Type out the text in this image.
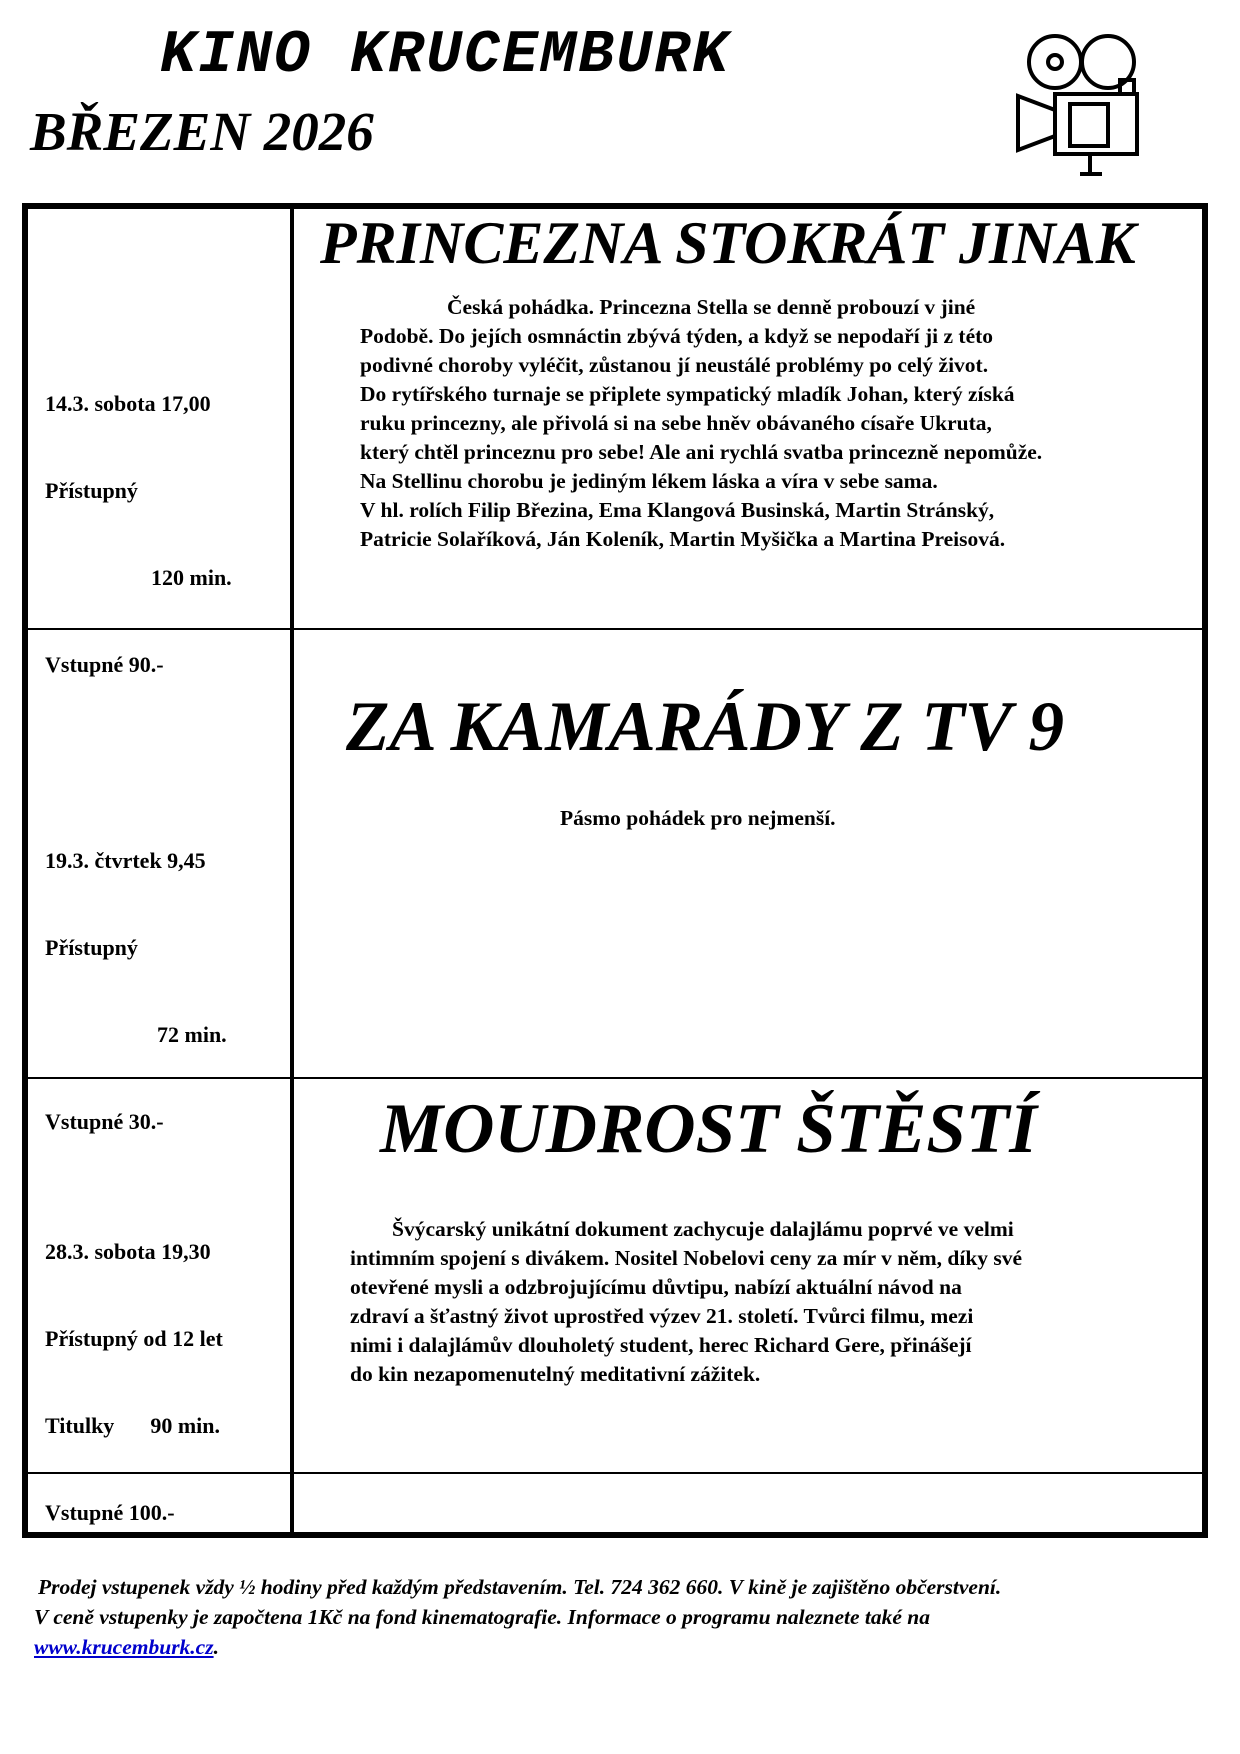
KINO KRUCEMBURK
BŘEZEN 2026

14.3. sobota 17,00

Přístupný

120 min.

Vstupné 90.-

PRINCEZNA STOKRÁT JINAK
Česká pohádka. Princezna Stella se denně probouzí v jiné
Podobě. Do jejích osmnáctin zbývá týden, a když se nepodaří ji z této
podivné choroby vyléčit, zůstanou jí neustálé problémy po celý život.
Do rytířského turnaje se připlete sympatický mladík Johan, který získá
ruku princezny, ale přivolá si na sebe hněv obávaného císaře Ukruta,
který chtěl princeznu pro sebe! Ale ani rychlá svatba princezně nepomůže.
Na Stellinu chorobu je jediným lékem láska a víra v sebe sama.
V hl. rolích Filip Březina, Ema Klangová Businská, Martin Stránský,
Patricie Solaříková, Ján Koleník, Martin Myšička a Martina Preisová.

19.3. čtvrtek 9,45

Přístupný

72 min.

Vstupné 30.-

ZA KAMARÁDY Z TV 9
Pásmo pohádek pro nejmenší.

28.3. sobota 19,30

Přístupný od 12 let

Titulky 90 min.

Vstupné 100.-

MOUDROST ŠTĚSTÍ
Švýcarský unikátní dokument zachycuje dalajlámu poprvé ve velmi
intimním spojení s divákem. Nositel Nobelovi ceny za mír v něm, díky své
otevřené mysli a odzbrojujícímu důvtipu, nabízí aktuální návod na
zdraví a šťastný život uprostřed výzev 21. století. Tvůrci filmu, mezi
nimi i dalajlámův dlouholetý student, herec Richard Gere, přinášejí
do kin nezapomenutelný meditativní zážitek.
Prodej vstupenek vždy ½ hodiny před každým představením. Tel. 724 362 660. V kině je zajištěno občerstvení.
V ceně vstupenky je započtena 1Kč na fond kinematografie. Informace o programu naleznete také na
www.krucemburk.cz.
